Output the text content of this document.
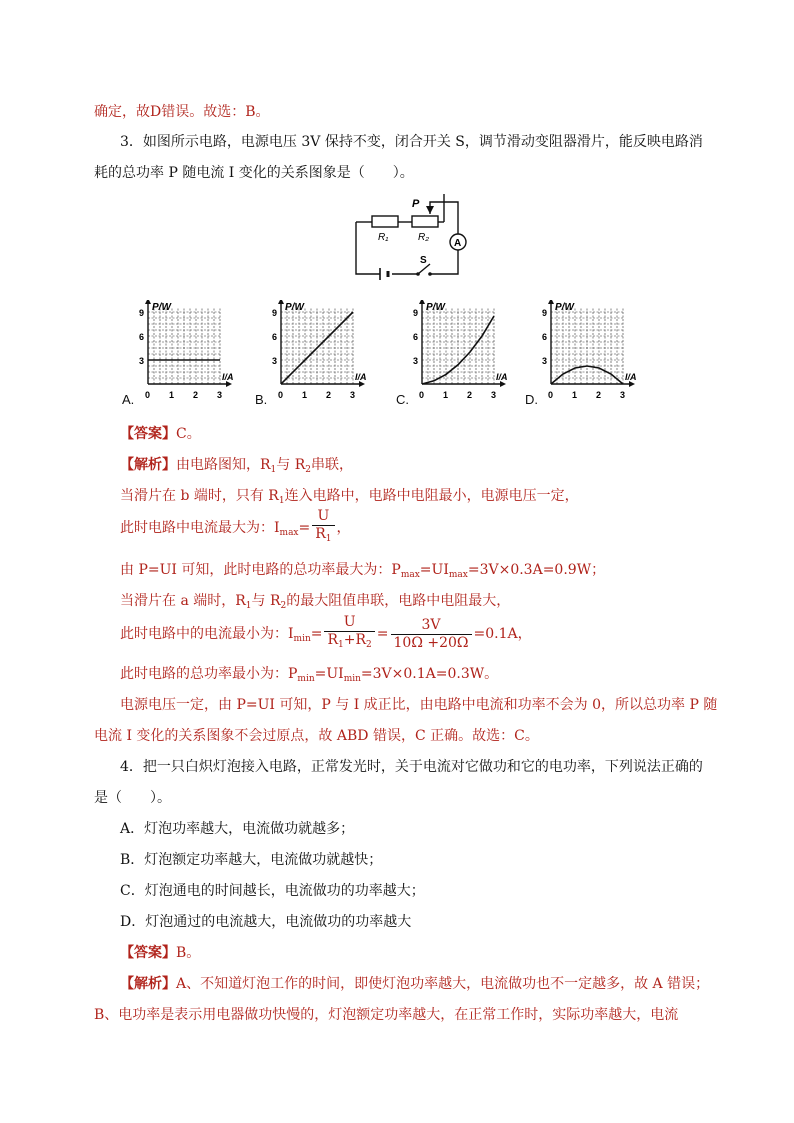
确定，故D错误。故选：B。
3．如图所示电路，电源电压 3V 保持不变，闭合开关 S，调节滑动变阻器滑片，能反映电路消
耗的总功率 P 随电流 I 变化的关系图象是（　　）。
P
R₁	R₂
A
S
P/W
I/A
3
6
9
0 1 2 3
A.
P/W
I/A
3
6
9
0 1 2 3
B.
P/W
I/A
3
6
9
0 1 2 3
C.
P/W
I/A
3
6
9
0 1 2 3
D.
【答案】C。
【解析】由电路图知，$R_1$与 $R_2$串联，
当滑片在 b 端时，只有 $R_1$连入电路中，电路中电阻最小，电源电压一定，
此时电路中电流最大为：$I_{max}= \frac{U}{R_1}$ ，
由 P=UI 可知，此时电路的总功率最大为：$P_{max}=UI_{max}=3V\times 0.3A=0.9W$；
当滑片在 a 端时，$R_1$与 $R_2$的最大阻值串联，电路中电阻最大，
此时电路中的电流最小为：$I_{min}= \frac{U}{R_1+R_2} = \frac{3V}{10\Omega +20\Omega} =0.1A$，
此时电路的总功率最小为：$P_{min}=UI_{min}=3V\times 0.1A=0.3W$。
电源电压一定，由 P=UI 可知，P 与 I 成正比，由电路中电流和功率不会为 0，所以总功率 P 随
电流 I 变化的关系图象不会过原点，故 ABD 错误，C 正确。故选：C。
4．把一只白炽灯泡接入电路，正常发光时，关于电流对它做功和它的电功率，下列说法正确的
是（　　）。
A．灯泡功率越大，电流做功就越多；
B．灯泡额定功率越大，电流做功就越快；
C．灯泡通电的时间越长，电流做功的功率越大；
D．灯泡通过的电流越大，电流做功的功率越大
【答案】B。
【解析】A、不知道灯泡工作的时间，即使灯泡功率越大，电流做功也不一定越多，故 A 错误；
B、电功率是表示用电器做功快慢的，灯泡额定功率越大，在正常工作时，实际功率越大，电流
